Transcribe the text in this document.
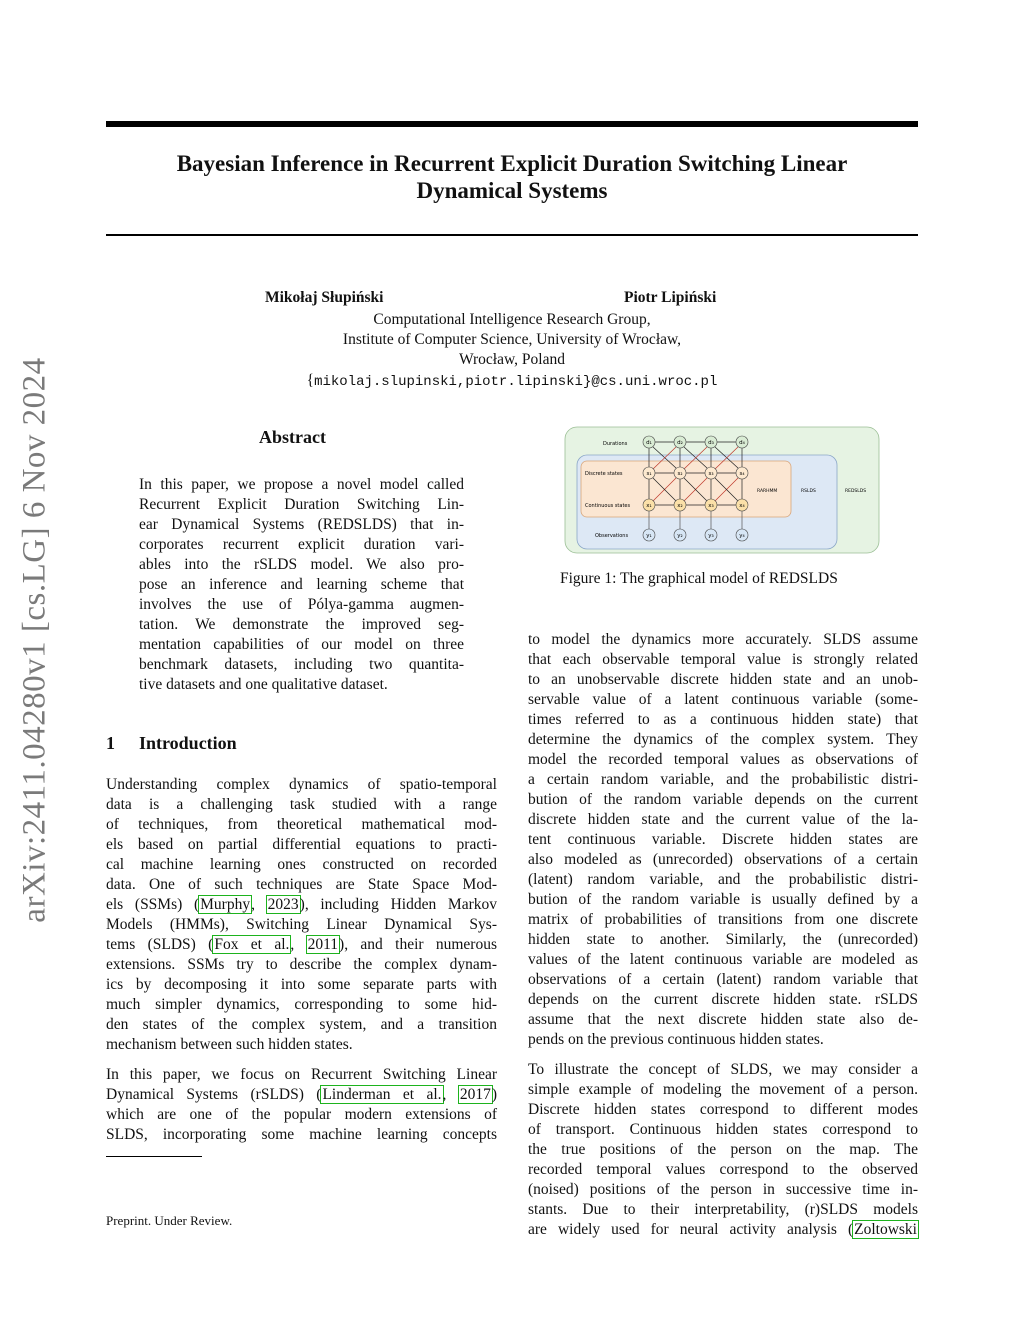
arXiv:2411.04280v1 [cs.LG] 6 Nov 2024
Bayesian Inference in Recurrent Explicit Duration Switching Linear
Dynamical Systems
Mikołaj Słupiński	Piotr Lipiński
Computational Intelligence Research Group,
Institute of Computer Science, University of Wrocław,
Wrocław, Poland
{mikolaj.slupinski,piotr.lipinski}@cs.uni.wroc.pl
Abstract
In this paper, we propose a novel model called
Recurrent Explicit Duration Switching Lin-
ear Dynamical Systems (REDSLDS) that in-
corporates recurrent explicit duration vari-
ables into the rSLDS model. We also pro-
pose an inference and learning scheme that
involves the use of Pólya-gamma augmen-
tation. We demonstrate the improved seg-
mentation capabilities of our model on three
benchmark datasets, including two quantita-
tive datasets and one qualitative dataset.
1 Introduction
Understanding complex dynamics of spatio-temporal
data is a challenging task studied with a range
of techniques, from theoretical mathematical mod-
els based on partial differential equations to practi-
cal machine learning ones constructed on recorded
data. One of such techniques are State Space Mod-
els (SSMs) (Murphy, 2023), including Hidden Markov
Models (HMMs), Switching Linear Dynamical Sys-
tems (SLDS) (Fox et al., 2011), and their numerous
extensions. SSMs try to describe the complex dynam-
ics by decomposing it into some separate parts with
much simpler dynamics, corresponding to some hid-
den states of the complex system, and a transition
mechanism between such hidden states.
In this paper, we focus on Recurrent Switching Linear
Dynamical Systems (rSLDS) (Linderman et al., 2017)
which are one of the popular modern extensions of
SLDS, incorporating some machine learning concepts
Preprint. Under Review.
Durations
Discrete states
Continuous states
Observations
RARHMM	RSLDS	REDSLDS
d₁	d₂	d₃	d₄
s₁	s₂	s₃	s₄
x₁	x₂	x₃	x₄
y₁	y₂	y₃	y₄
Figure 1: The graphical model of REDSLDS
to model the dynamics more accurately. SLDS assume
that each observable temporal value is strongly related
to an unobservable discrete hidden state and an unob-
servable value of a latent continuous variable (some-
times referred to as a continuous hidden state) that
determine the dynamics of the complex system. They
model the recorded temporal values as observations of
a certain random variable, and the probabilistic distri-
bution of the random variable depends on the current
discrete hidden state and the current value of the la-
tent continuous variable. Discrete hidden states are
also modeled as (unrecorded) observations of a certain
(latent) random variable, and the probabilistic distri-
bution of the random variable is usually defined by a
matrix of probabilities of transitions from one discrete
hidden state to another. Similarly, the (unrecorded)
values of the latent continuous variable are modeled as
observations of a certain (latent) random variable that
depends on the current discrete hidden state. rSLDS
assume that the next discrete hidden state also de-
pends on the previous continuous hidden states.
To illustrate the concept of SLDS, we may consider a
simple example of modeling the movement of a person.
Discrete hidden states correspond to different modes
of transport. Continuous hidden states correspond to
the true positions of the person on the map. The
recorded temporal values correspond to the observed
(noised) positions of the person in successive time in-
stants. Due to their interpretability, (r)SLDS models
are widely used for neural activity analysis (Zoltowski
